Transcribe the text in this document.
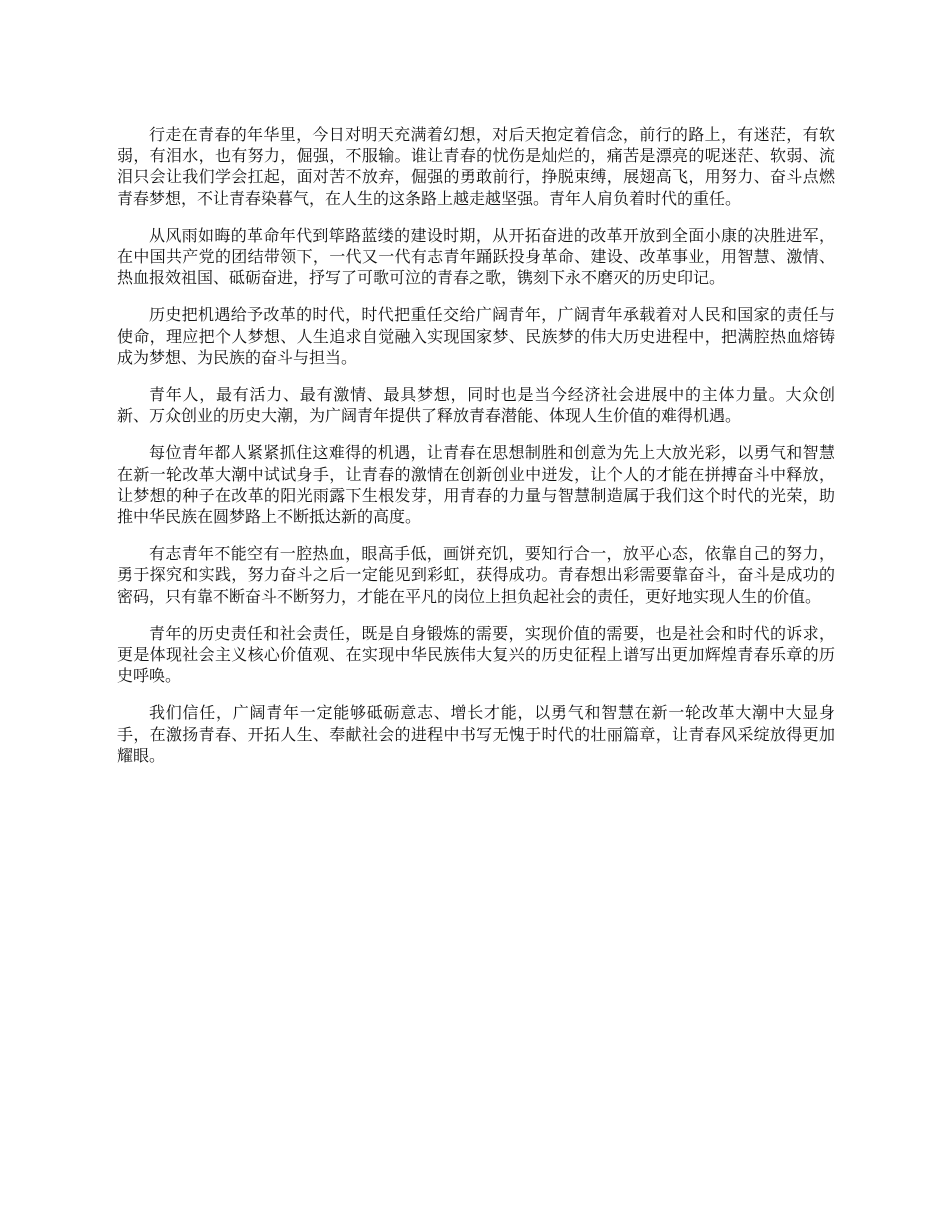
行走在青春的年华里，今日对明天充满着幻想，对后天抱定着信念，前行的路上，有迷茫，有软弱，有泪水，也有努力，倔强，不服输。谁让青春的忧伤是灿烂的，痛苦是漂亮的呢迷茫、软弱、流泪只会让我们学会扛起，面对苦不放弃，倔强的勇敢前行，挣脱束缚，展翅高飞，用努力、奋斗点燃青春梦想，不让青春染暮气，在人生的这条路上越走越坚强。青年人肩负着时代的重任。

从风雨如晦的革命年代到筚路蓝缕的建设时期，从开拓奋进的改革开放到全面小康的决胜进军，在中国共产党的团结带领下，一代又一代有志青年踊跃投身革命、建设、改革事业，用智慧、激情、热血报效祖国、砥砺奋进，抒写了可歌可泣的青春之歌，镌刻下永不磨灭的历史印记。

历史把机遇给予改革的时代，时代把重任交给广阔青年，广阔青年承载着对人民和国家的责任与使命，理应把个人梦想、人生追求自觉融入实现国家梦、民族梦的伟大历史进程中，把满腔热血熔铸成为梦想、为民族的奋斗与担当。

青年人，最有活力、最有激情、最具梦想，同时也是当今经济社会进展中的主体力量。大众创新、万众创业的历史大潮，为广阔青年提供了释放青春潜能、体现人生价值的难得机遇。

每位青年都人紧紧抓住这难得的机遇，让青春在思想制胜和创意为先上大放光彩，以勇气和智慧在新一轮改革大潮中试试身手，让青春的激情在创新创业中迸发，让个人的才能在拼搏奋斗中释放，让梦想的种子在改革的阳光雨露下生根发芽，用青春的力量与智慧制造属于我们这个时代的光荣，助推中华民族在圆梦路上不断抵达新的高度。

有志青年不能空有一腔热血，眼高手低，画饼充饥，要知行合一，放平心态，依靠自己的努力，勇于探究和实践，努力奋斗之后一定能见到彩虹，获得成功。青春想出彩需要靠奋斗，奋斗是成功的密码，只有靠不断奋斗不断努力，才能在平凡的岗位上担负起社会的责任，更好地实现人生的价值。

青年的历史责任和社会责任，既是自身锻炼的需要，实现价值的需要，也是社会和时代的诉求，更是体现社会主义核心价值观、在实现中华民族伟大复兴的历史征程上谱写出更加辉煌青春乐章的历史呼唤。

我们信任，广阔青年一定能够砥砺意志、增长才能，以勇气和智慧在新一轮改革大潮中大显身手，在激扬青春、开拓人生、奉献社会的进程中书写无愧于时代的壮丽篇章，让青春风采绽放得更加耀眼。
